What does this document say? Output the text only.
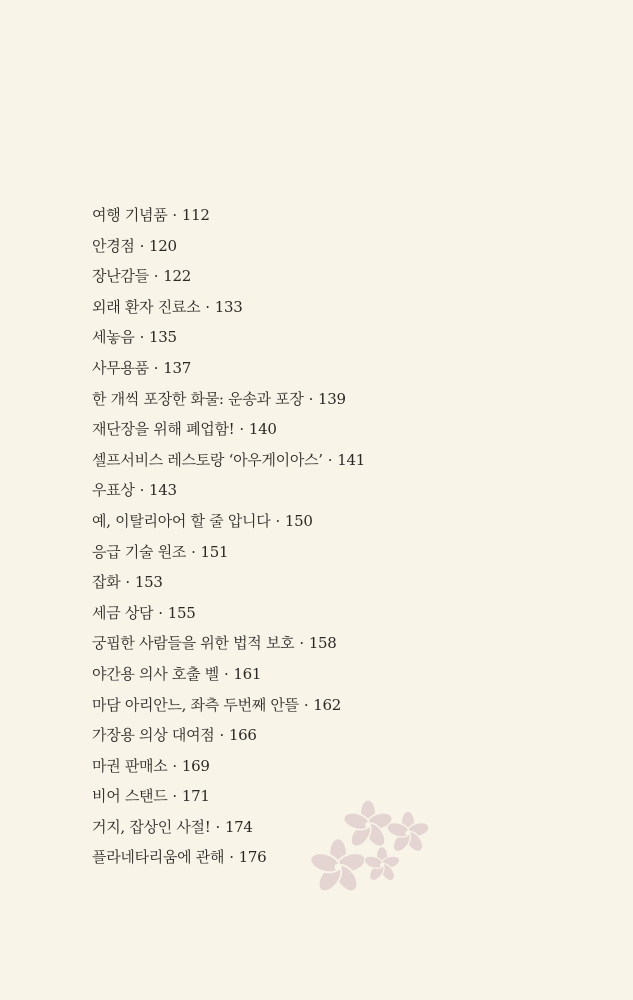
여행 기념품 · 112
안경점 · 120
장난감들 · 122
외래 환자 진료소 · 133
세놓음 · 135
사무용품 · 137
한 개씩 포장한 화물: 운송과 포장 · 139
재단장을 위해 폐업함! · 140
셀프서비스 레스토랑 ‘아우게이아스’ · 141
우표상 · 143
예, 이탈리아어 할 줄 압니다 · 150
응급 기술 원조 · 151
잡화 · 153
세금 상담 · 155
궁핍한 사람들을 위한 법적 보호 · 158
야간용 의사 호출 벨 · 161
마담 아리안느, 좌측 두번째 안뜰 · 162
가장용 의상 대여점 · 166
마권 판매소 · 169
비어 스탠드 · 171
거지, 잡상인 사절! · 174
플라네타리움에 관해 · 176
